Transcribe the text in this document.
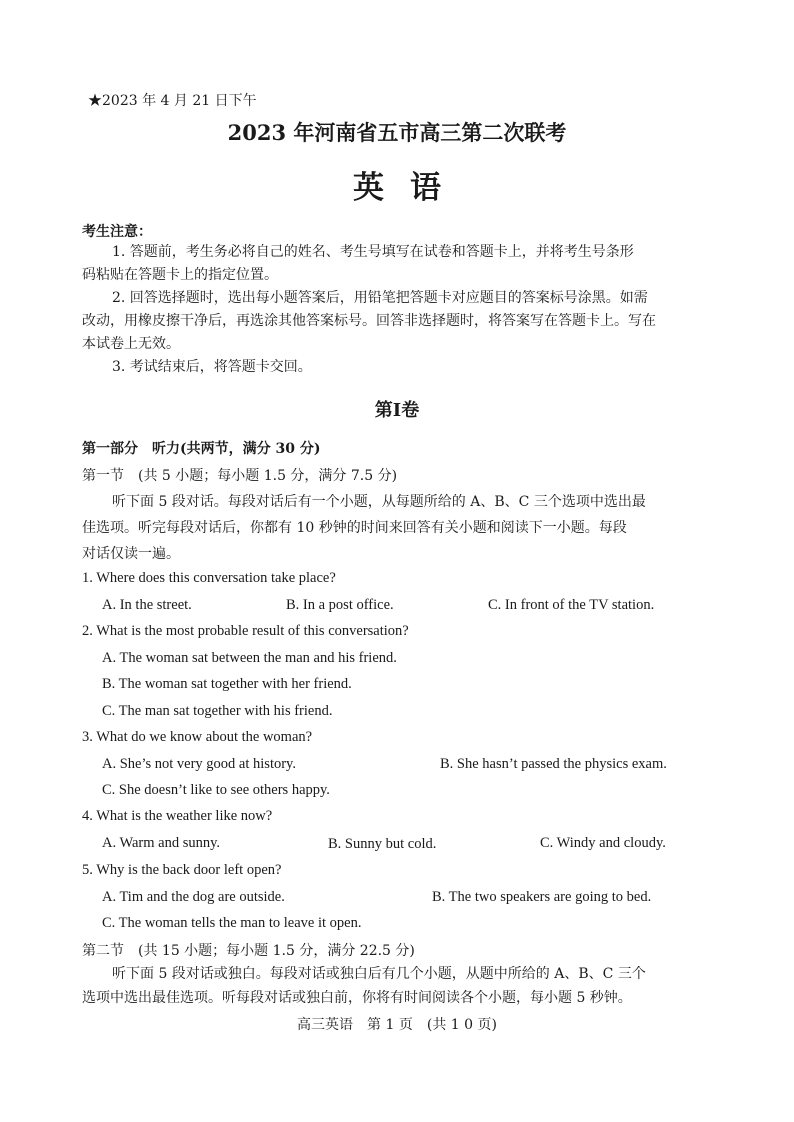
★2023 年 4 月 21 日下午
2023 年河南省五市高三第二次联考
英语
考生注意：
1. 答题前，考生务必将自己的姓名、考生号填写在试卷和答题卡上，并将考生号条形
码粘贴在答题卡上的指定位置。
2. 回答选择题时，选出每小题答案后，用铅笔把答题卡对应题目的答案标号涂黑。如需
改动，用橡皮擦干净后，再选涂其他答案标号。回答非选择题时，将答案写在答题卡上。写在
本试卷上无效。
3. 考试结束后，将答题卡交回。
第Ⅰ卷
第一部分　听力(共两节，满分 30 分)
第一节　(共 5 小题；每小题 1.5 分，满分 7.5 分)
听下面 5 段对话。每段对话后有一个小题，从每题所给的 A、B、C 三个选项中选出最
佳选项。听完每段对话后，你都有 10 秒钟的时间来回答有关小题和阅读下一小题。每段
对话仅读一遍。
1. Where does this conversation take place?
A. In the street.	B. In a post office.	C. In front of the TV station.
2. What is the most probable result of this conversation?
A. The woman sat between the man and his friend.
B. The woman sat together with her friend.
C. The man sat together with his friend.
3. What do we know about the woman?
A. She’s not very good at history.	B. She hasn’t passed the physics exam.
C. She doesn’t like to see others happy.
4. What is the weather like now?
A. Warm and sunny.	B. Sunny but cold.	C. Windy and cloudy.
5. Why is the back door left open?
A. Tim and the dog are outside.	B. The two speakers are going to bed.
C. The woman tells the man to leave it open.
第二节　(共 15 小题；每小题 1.5 分，满分 22.5 分)
听下面 5 段对话或独白。每段对话或独白后有几个小题，从题中所给的 A、B、C 三个
选项中选出最佳选项。听每段对话或独白前，你将有时间阅读各个小题，每小题 5 秒钟。
高三英语　第 1 页　(共 1 0 页)
